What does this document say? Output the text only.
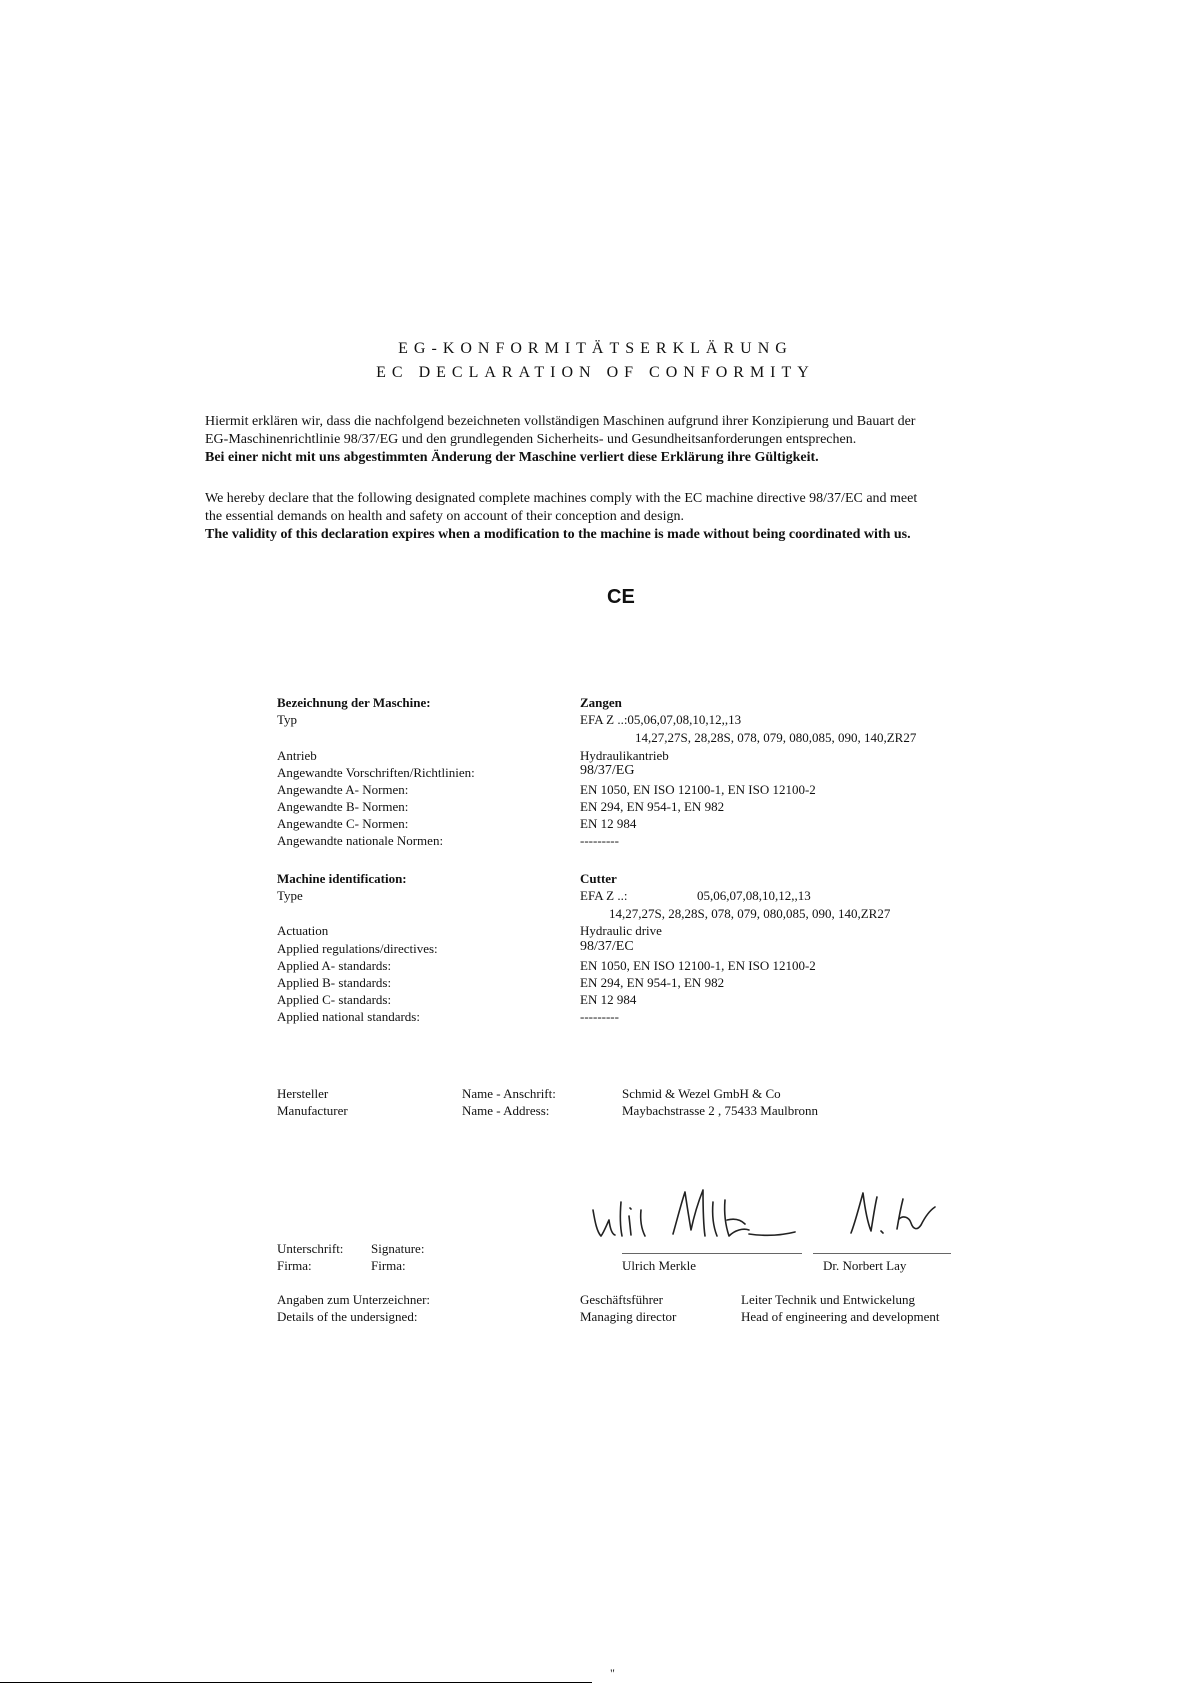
EG-KONFORMITÄTSERKLÄRUNG
EC DECLARATION OF CONFORMITY
Hiermit erklären wir, dass die nachfolgend bezeichneten vollständigen Maschinen aufgrund ihrer Konzipierung und Bauart der
EG-Maschinenrichtlinie 98/37/EG und den grundlegenden Sicherheits- und Gesundheitsanforderungen entsprechen.
Bei einer nicht mit uns abgestimmten Änderung der Maschine verliert diese Erklärung ihre Gültigkeit.
We hereby declare that the following designated complete machines comply with the EC machine directive 98/37/EC and meet
the essential demands on health and safety on account of their conception and design.
The validity of this declaration expires when a modification to the machine is made without being coordinated with us.
CE
Bezeichnung der Maschine:	Zangen
Typ	EFA Z ..:05,06,07,08,10,12,,13
14,27,27S, 28,28S, 078, 079, 080,085, 090, 140,ZR27
Antrieb	Hydraulikantrieb
Angewandte Vorschriften/Richtlinien:	98/37/EG
Angewandte A- Normen:	EN 1050, EN ISO 12100-1, EN ISO 12100-2
Angewandte B- Normen:	EN 294, EN 954-1, EN 982
Angewandte C- Normen:	EN 12 984
Angewandte nationale Normen:	---------
Machine identification:	Cutter
Type	EFA Z ..:	05,06,07,08,10,12,,13
14,27,27S, 28,28S, 078, 079, 080,085, 090, 140,ZR27
Actuation	Hydraulic drive
Applied regulations/directives:	98/37/EC
Applied A- standards:	EN 1050, EN ISO 12100-1, EN ISO 12100-2
Applied B- standards:	EN 294, EN 954-1, EN 982
Applied C- standards:	EN 12 984
Applied national standards:	---------
Hersteller	Name - Anschrift:	Schmid & Wezel GmbH & Co
Manufacturer	Name - Address:	Maybachstrasse 2 , 75433 Maulbronn
Unterschrift: Signature:
Firma:	Firma:	Ulrich Merkle	Dr. Norbert Lay
Angaben zum Unterzeichner:	Geschäftsführer	Leiter Technik und Entwickelung
Details of the undersigned:	Managing director	Head of engineering and development
"
